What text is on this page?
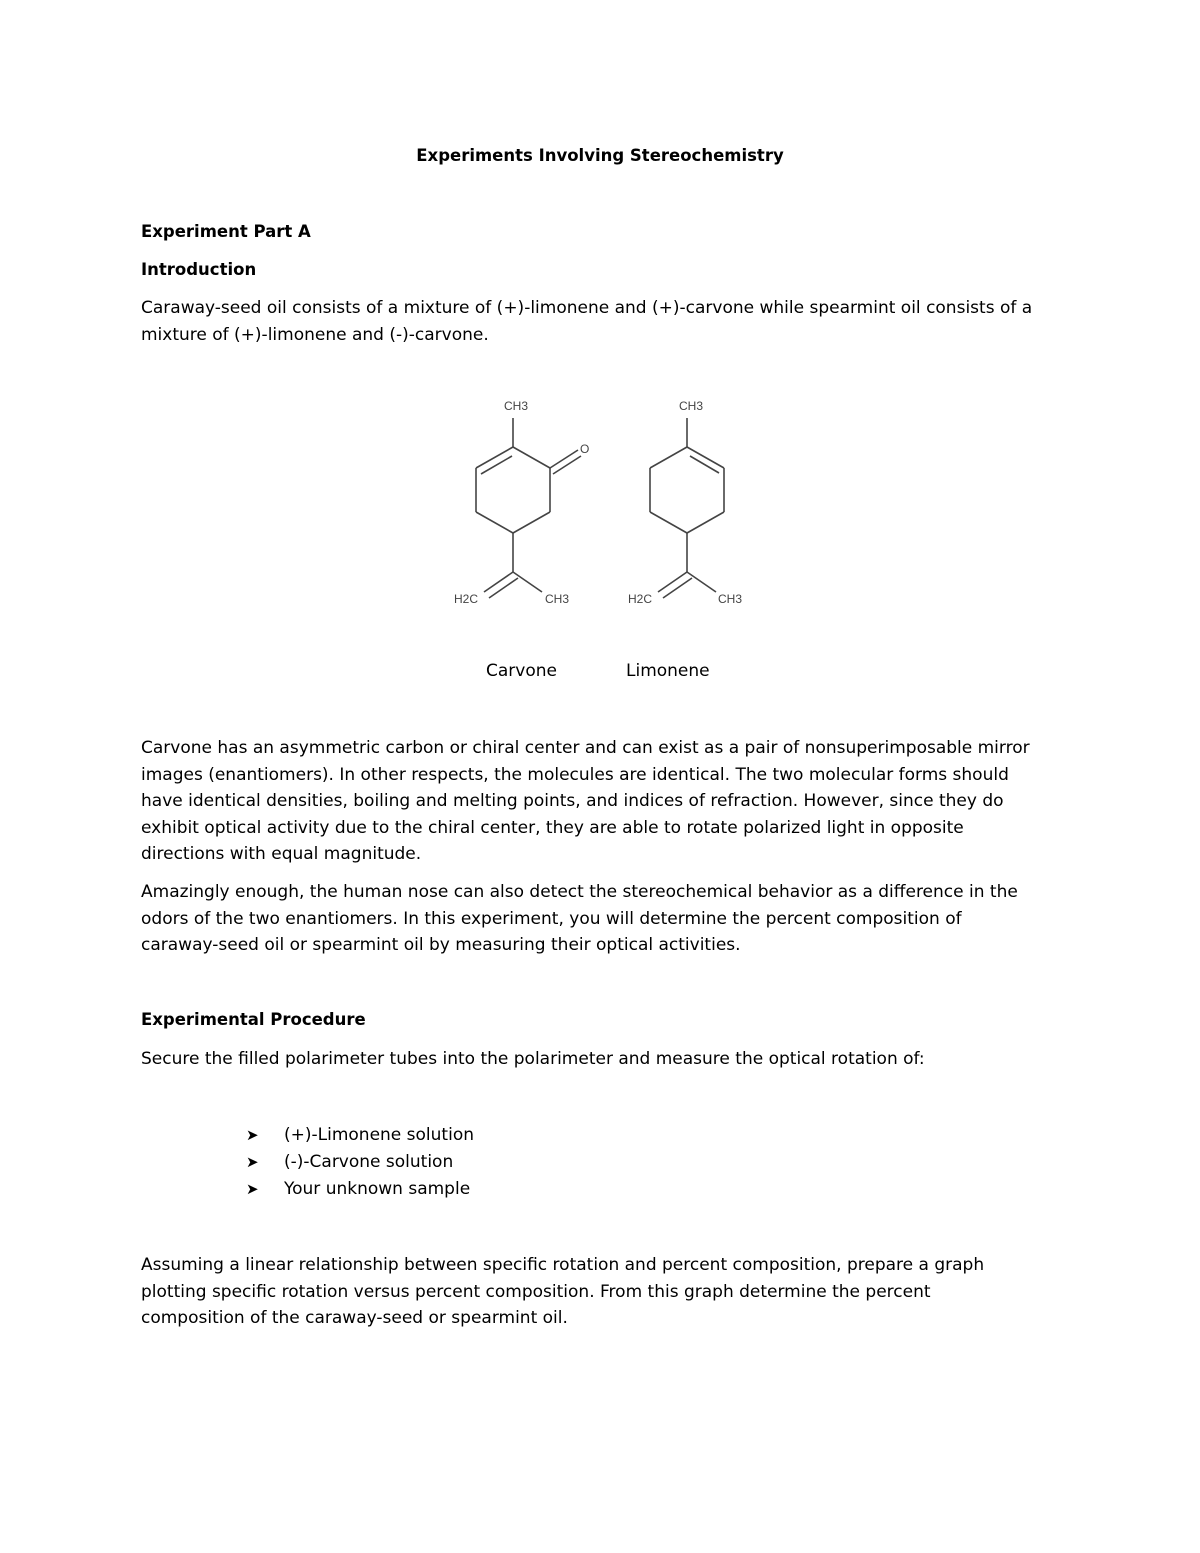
Experiments Involving Stereochemistry
Experiment Part A
Introduction
Caraway-seed oil consists of a mixture of (+)-limonene and (+)-carvone while spearmint oil consists of a
mixture of (+)-limonene and (-)-carvone.
CH3
O
H2C	CH3
CH3
H2C	CH3
Carvone	Limonene
Carvone has an asymmetric carbon or chiral center and can exist as a pair of nonsuperimposable mirror
images (enantiomers). In other respects, the molecules are identical. The two molecular forms should
have identical densities, boiling and melting points, and indices of refraction. However, since they do
exhibit optical activity due to the chiral center, they are able to rotate polarized light in opposite
directions with equal magnitude.
Amazingly enough, the human nose can also detect the stereochemical behavior as a difference in the
odors of the two enantiomers. In this experiment, you will determine the percent composition of
caraway-seed oil or spearmint oil by measuring their optical activities.
Experimental Procedure
Secure the filled polarimeter tubes into the polarimeter and measure the optical rotation of:
➤	(+)-Limonene solution
➤	(-)-Carvone solution
➤	Your unknown sample
Assuming a linear relationship between specific rotation and percent composition, prepare a graph
plotting specific rotation versus percent composition. From this graph determine the percent
composition of the caraway-seed or spearmint oil.
